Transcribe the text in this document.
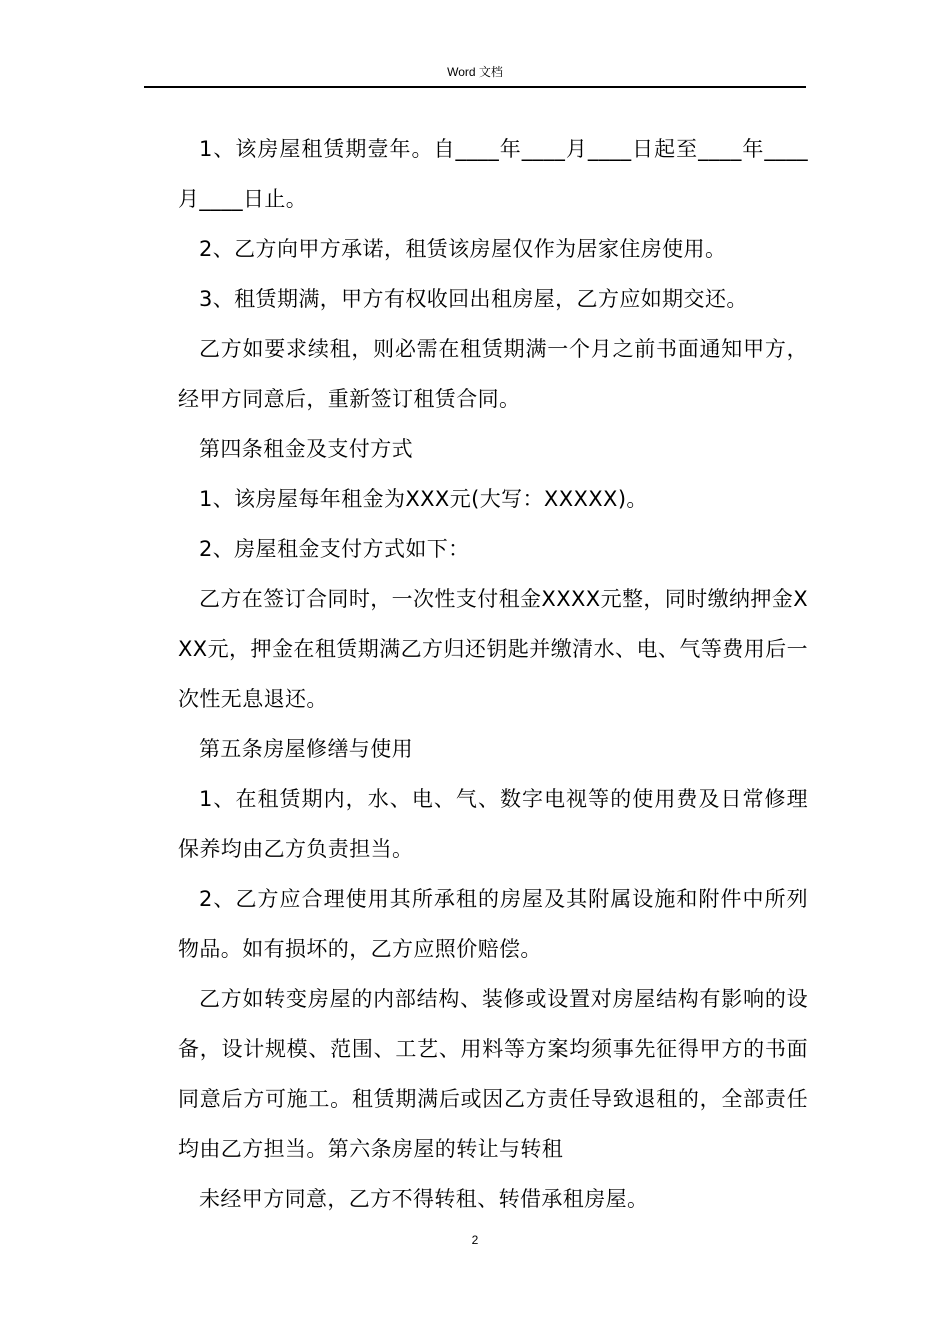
Word 文档

1、该房屋租赁期壹年。自____年____月____日起至____年____月____日止。

2、乙方向甲方承诺，租赁该房屋仅作为居家住房使用。

3、租赁期满，甲方有权收回出租房屋，乙方应如期交还。

乙方如要求续租，则必需在租赁期满一个月之前书面通知甲方，经甲方同意后，重新签订租赁合同。

第四条租金及支付方式

1、该房屋每年租金为XXX元(大写：XXXXX)。

2、房屋租金支付方式如下：

乙方在签订合同时，一次性支付租金XXXX元整，同时缴纳押金XXX元，押金在租赁期满乙方归还钥匙并缴清水、电、气等费用后一次性无息退还。

第五条房屋修缮与使用

1、在租赁期内，水、电、气、数字电视等的使用费及日常修理保养均由乙方负责担当。

2、乙方应合理使用其所承租的房屋及其附属设施和附件中所列物品。如有损坏的，乙方应照价赔偿。

乙方如转变房屋的内部结构、装修或设置对房屋结构有影响的设备，设计规模、范围、工艺、用料等方案均须事先征得甲方的书面同意后方可施工。租赁期满后或因乙方责任导致退租的，全部责任均由乙方担当。第六条房屋的转让与转租

未经甲方同意，乙方不得转租、转借承租房屋。

2
